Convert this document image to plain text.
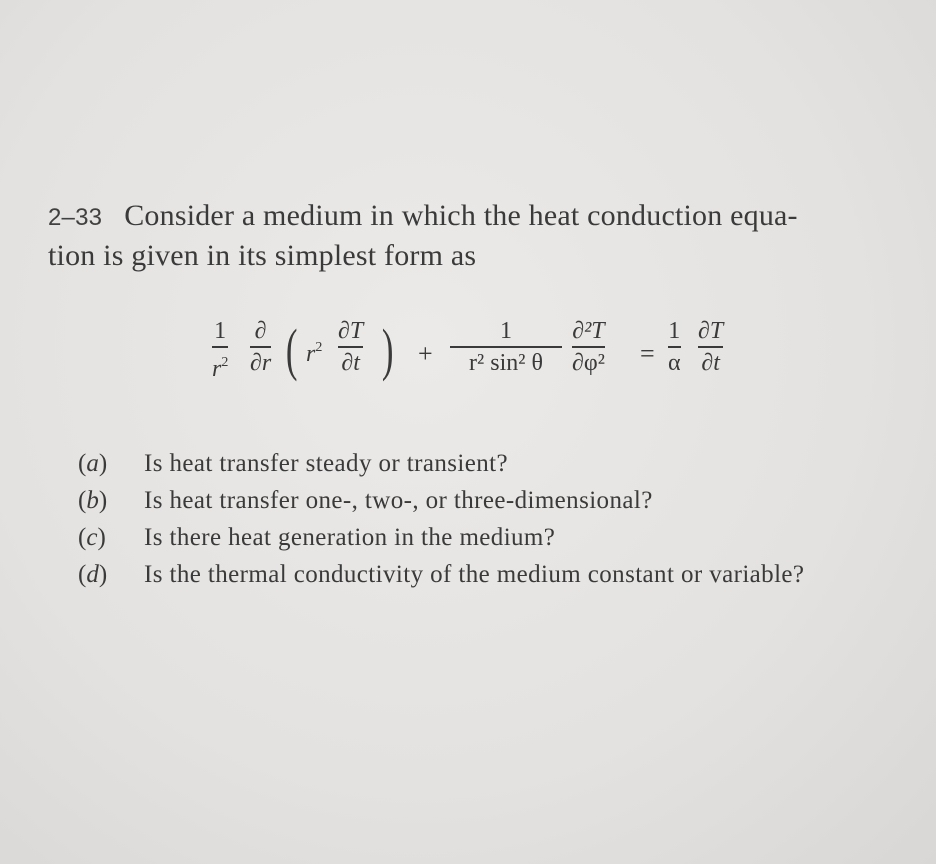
2–33 Consider a medium in which the heat conduction equa-
tion is given in its simplest form as
1
$r^2$
∂
∂r ( $r^2$
∂T
∂t ) +
1
r² sin² θ
∂²T
∂φ² =
1
α
∂T
∂t
(a)	Is heat transfer steady or transient?
(b)	Is heat transfer one-, two-, or three-dimensional?
(c)	Is there heat generation in the medium?
(d)	Is the thermal conductivity of the medium constant or variable?
